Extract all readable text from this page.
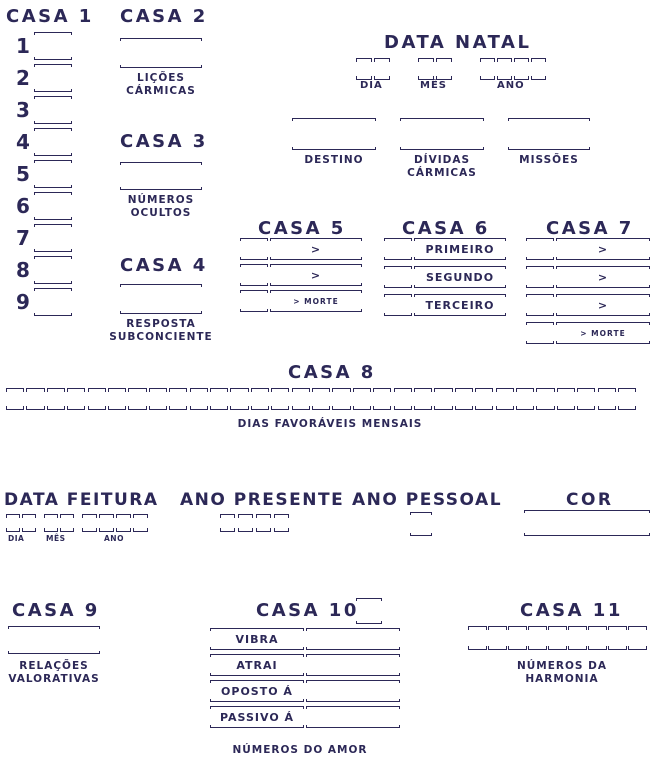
CASA 1
1
2
3
4
5
6
7
8
9
CASA 2
LIÇÕES
CÁRMICAS
CASA 3
NÚMEROS
OCULTOS
CASA 4
RESPOSTA
SUBCONCIENTE
DATA NATAL
DIA	MÊS	ANO
DESTINO	DÍVIDAS
CÁRMICAS
MISSÕES
CASA 5
>
>
> MORTE
CASA 6
PRIMEIRO
SEGUNDO
TERCEIRO
CASA 7
>
>
>
> MORTE
CASA 8
DIAS FAVORÁVEIS MENSAIS
DATA FEITURA
DIA	MÊS	ANO
ANO PRESENTE ANO PESSOAL	COR
CASA 9
RELAÇÕES
VALORATIVAS
CASA 10
VIBRA
ATRAI
OPOSTO Á
PASSIVO Á
NÚMEROS DO AMOR
CASA 11
NÚMEROS DA
HARMONIA
